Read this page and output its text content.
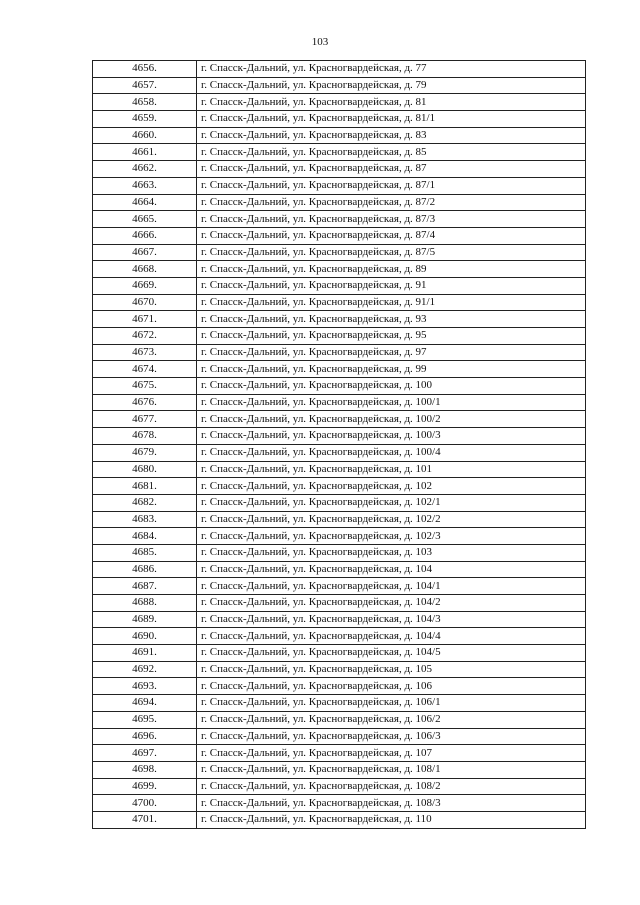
103
4656.	г. Спасск-Дальний, ул. Красногвардейская, д. 77
4657.	г. Спасск-Дальний, ул. Красногвардейская, д. 79
4658.	г. Спасск-Дальний, ул. Красногвардейская, д. 81
4659.	г. Спасск-Дальний, ул. Красногвардейская, д. 81/1
4660.	г. Спасск-Дальний, ул. Красногвардейская, д. 83
4661.	г. Спасск-Дальний, ул. Красногвардейская, д. 85
4662.	г. Спасск-Дальний, ул. Красногвардейская, д. 87
4663.	г. Спасск-Дальний, ул. Красногвардейская, д. 87/1
4664.	г. Спасск-Дальний, ул. Красногвардейская, д. 87/2
4665.	г. Спасск-Дальний, ул. Красногвардейская, д. 87/3
4666.	г. Спасск-Дальний, ул. Красногвардейская, д. 87/4
4667.	г. Спасск-Дальний, ул. Красногвардейская, д. 87/5
4668.	г. Спасск-Дальний, ул. Красногвардейская, д. 89
4669.	г. Спасск-Дальний, ул. Красногвардейская, д. 91
4670.	г. Спасск-Дальний, ул. Красногвардейская, д. 91/1
4671.	г. Спасск-Дальний, ул. Красногвардейская, д. 93
4672.	г. Спасск-Дальний, ул. Красногвардейская, д. 95
4673.	г. Спасск-Дальний, ул. Красногвардейская, д. 97
4674.	г. Спасск-Дальний, ул. Красногвардейская, д. 99
4675.	г. Спасск-Дальний, ул. Красногвардейская, д. 100
4676.	г. Спасск-Дальний, ул. Красногвардейская, д. 100/1
4677.	г. Спасск-Дальний, ул. Красногвардейская, д. 100/2
4678.	г. Спасск-Дальний, ул. Красногвардейская, д. 100/3
4679.	г. Спасск-Дальний, ул. Красногвардейская, д. 100/4
4680.	г. Спасск-Дальний, ул. Красногвардейская, д. 101
4681.	г. Спасск-Дальний, ул. Красногвардейская, д. 102
4682.	г. Спасск-Дальний, ул. Красногвардейская, д. 102/1
4683.	г. Спасск-Дальний, ул. Красногвардейская, д. 102/2
4684.	г. Спасск-Дальний, ул. Красногвардейская, д. 102/3
4685.	г. Спасск-Дальний, ул. Красногвардейская, д. 103
4686.	г. Спасск-Дальний, ул. Красногвардейская, д. 104
4687.	г. Спасск-Дальний, ул. Красногвардейская, д. 104/1
4688.	г. Спасск-Дальний, ул. Красногвардейская, д. 104/2
4689.	г. Спасск-Дальний, ул. Красногвардейская, д. 104/3
4690.	г. Спасск-Дальний, ул. Красногвардейская, д. 104/4
4691.	г. Спасск-Дальний, ул. Красногвардейская, д. 104/5
4692.	г. Спасск-Дальний, ул. Красногвардейская, д. 105
4693.	г. Спасск-Дальний, ул. Красногвардейская, д. 106
4694.	г. Спасск-Дальний, ул. Красногвардейская, д. 106/1
4695.	г. Спасск-Дальний, ул. Красногвардейская, д. 106/2
4696.	г. Спасск-Дальний, ул. Красногвардейская, д. 106/3
4697.	г. Спасск-Дальний, ул. Красногвардейская, д. 107
4698.	г. Спасск-Дальний, ул. Красногвардейская, д. 108/1
4699.	г. Спасск-Дальний, ул. Красногвардейская, д. 108/2
4700.	г. Спасск-Дальний, ул. Красногвардейская, д. 108/3
4701.	г. Спасск-Дальний, ул. Красногвардейская, д. 110
